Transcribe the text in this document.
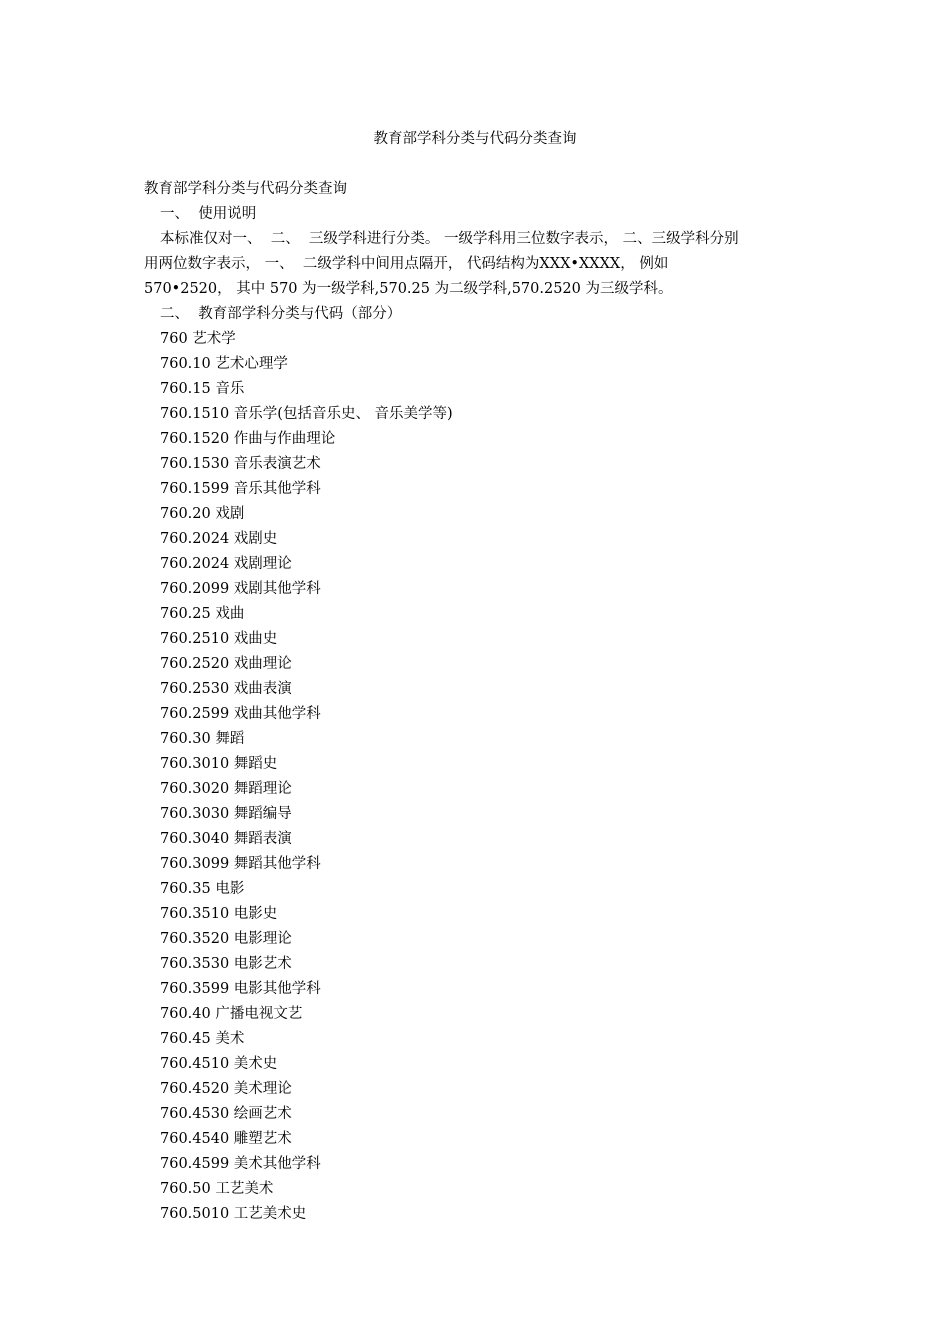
教育部学科分类与代码分类查询
教育部学科分类与代码分类查询
一、  使用说明
本标准仅对一、  二、  三级学科进行分类。 一级学科用三位数字表示， 二、三级学科分别
用两位数字表示， 一、  二级学科中间用点隔开， 代码结构为XXX•XXXX， 例如
570•2520， 其中 570 为一级学科,570.25 为二级学科,570.2520 为三级学科。
二、  教育部学科分类与代码（部分）
760 艺术学
760.10 艺术心理学
760.15 音乐
760.1510 音乐学(包括音乐史、 音乐美学等)
760.1520 作曲与作曲理论
760.1530 音乐表演艺术
760.1599 音乐其他学科
760.20 戏剧
760.2024 戏剧史
760.2024 戏剧理论
760.2099 戏剧其他学科
760.25 戏曲
760.2510 戏曲史
760.2520 戏曲理论
760.2530 戏曲表演
760.2599 戏曲其他学科
760.30 舞蹈
760.3010 舞蹈史
760.3020 舞蹈理论
760.3030 舞蹈编导
760.3040 舞蹈表演
760.3099 舞蹈其他学科
760.35 电影
760.3510 电影史
760.3520 电影理论
760.3530 电影艺术
760.3599 电影其他学科
760.40 广播电视文艺
760.45 美术
760.4510 美术史
760.4520 美术理论
760.4530 绘画艺术
760.4540 雕塑艺术
760.4599 美术其他学科
760.50 工艺美术
760.5010 工艺美术史
